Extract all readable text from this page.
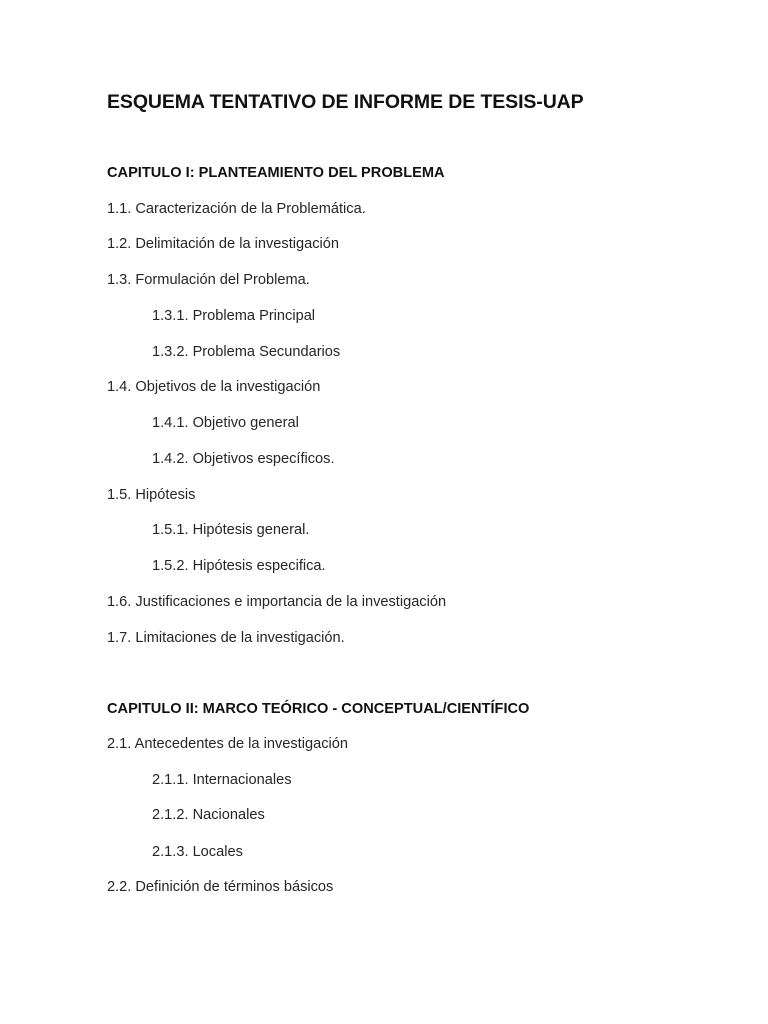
ESQUEMA TENTATIVO DE INFORME DE TESIS-UAP
CAPITULO I: PLANTEAMIENTO DEL PROBLEMA
1.1. Caracterización de la Problemática.
1.2. Delimitación de la investigación
1.3. Formulación del Problema.
1.3.1. Problema Principal
1.3.2. Problema Secundarios
1.4. Objetivos de la investigación
1.4.1. Objetivo general
1.4.2. Objetivos específicos.
1.5. Hipótesis
1.5.1. Hipótesis general.
1.5.2. Hipótesis especifica.
1.6. Justificaciones e importancia de la investigación
1.7. Limitaciones de la investigación.
CAPITULO II: MARCO TEÓRICO - CONCEPTUAL/CIENTÍFICO
2.1. Antecedentes de la investigación
2.1.1. Internacionales
2.1.2. Nacionales
2.1.3. Locales
2.2. Definición de términos básicos
